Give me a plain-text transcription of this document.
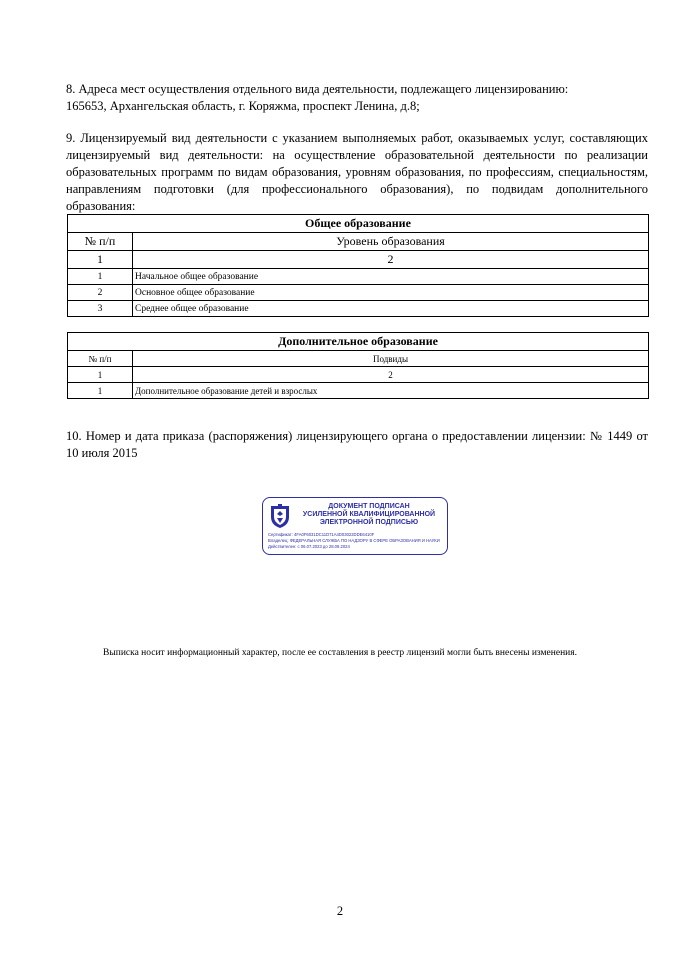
8. Адреса мест осуществления отдельного вида деятельности, подлежащего лицензированию:
165653, Архангельская область, г. Коряжма, проспект Ленина, д.8;
9. Лицензируемый вид деятельности с указанием выполняемых работ, оказываемых услуг, составляющих лицензируемый вид деятельности: на осуществление образовательной деятельности по реализации образовательных программ по видам образования, уровням образования, по профессиям, специальностям, направлениям подготовки (для профессионального образования), по подвидам дополнительного образования:
Общее образование	
№ п/п	Уровень образования
1	2
1	Начальное общее образование
2	Основное общее образование
3	Среднее общее образование
Дополнительное образование	
№ п/п	Подвиды
1	2
1	Дополнительное образование детей и взрослых
10. Номер и дата приказа (распоряжения) лицензирующего органа о предоставлении лицензии: № 1449 от 10 июля 2015
ДОКУМЕНТ ПОДПИСАН
УСИЛЕННОЙ КВАЛИФИЦИРОВАННОЙ
ЭЛЕКТРОННОЙ ПОДПИСЬЮ
Сертификат: 4FA0F6031DC11D71A4D03022DDE6410F
Владелец: ФЕДЕРАЛЬНАЯ СЛУЖБА ПО НАДЗОРУ В СФЕРЕ ОБРАЗОВАНИЯ И НАУКИ
Действителен: с 06.07.2023 до 28.09.2024
Выписка носит информационный характер, после ее составления в реестр лицензий могли быть внесены изменения.
2
